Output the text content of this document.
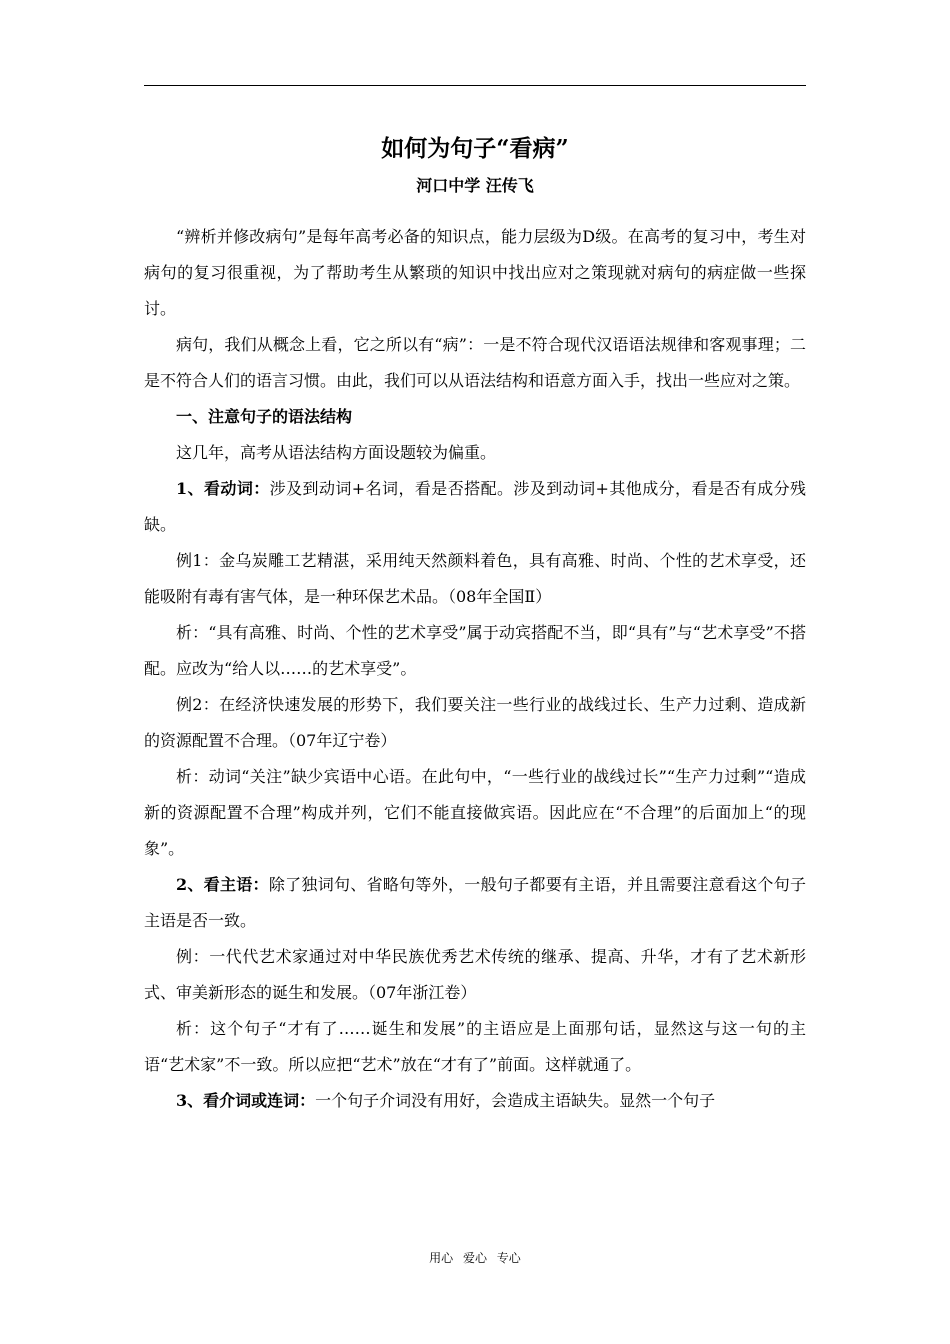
如何为句子“看病”
河口中学 汪传飞

“辨析并修改病句”是每年高考必备的知识点，能力层级为D级。在高考的复习中，考生对病句的复习很重视，为了帮助考生从繁琐的知识中找出应对之策现就对病句的病症做一些探讨。

病句，我们从概念上看，它之所以有“病”：一是不符合现代汉语语法规律和客观事理；二是不符合人们的语言习惯。由此，我们可以从语法结构和语意方面入手，找出一些应对之策。

一、注意句子的语法结构

这几年，高考从语法结构方面设题较为偏重。

1、看动词：涉及到动词+名词，看是否搭配。涉及到动词+其他成分，看是否有成分残缺。

例1：金乌炭雕工艺精湛，采用纯天然颜料着色，具有高雅、时尚、个性的艺术享受，还能吸附有毒有害气体，是一种环保艺术品。（08年全国Ⅱ）

析：“具有高雅、时尚、个性的艺术享受”属于动宾搭配不当，即“具有”与“艺术享受”不搭配。应改为“给人以……的艺术享受”。

例2：在经济快速发展的形势下，我们要关注一些行业的战线过长、生产力过剩、造成新的资源配置不合理。（07年辽宁卷）

析：动词“关注”缺少宾语中心语。在此句中，“一些行业的战线过长”“生产力过剩”“造成新的资源配置不合理”构成并列，它们不能直接做宾语。因此应在“不合理”的后面加上“的现象”。

2、看主语：除了独词句、省略句等外，一般句子都要有主语，并且需要注意看这个句子主语是否一致。

例：一代代艺术家通过对中华民族优秀艺术传统的继承、提高、升华，才有了艺术新形式、审美新形态的诞生和发展。（07年浙江卷）

析：这个句子“才有了……诞生和发展”的主语应是上面那句话，显然这与这一句的主语“艺术家”不一致。所以应把“艺术”放在“才有了”前面。这样就通了。

3、看介词或连词：一个句子介词没有用好，会造成主语缺失。显然一个句子

用心 爱心 专心
